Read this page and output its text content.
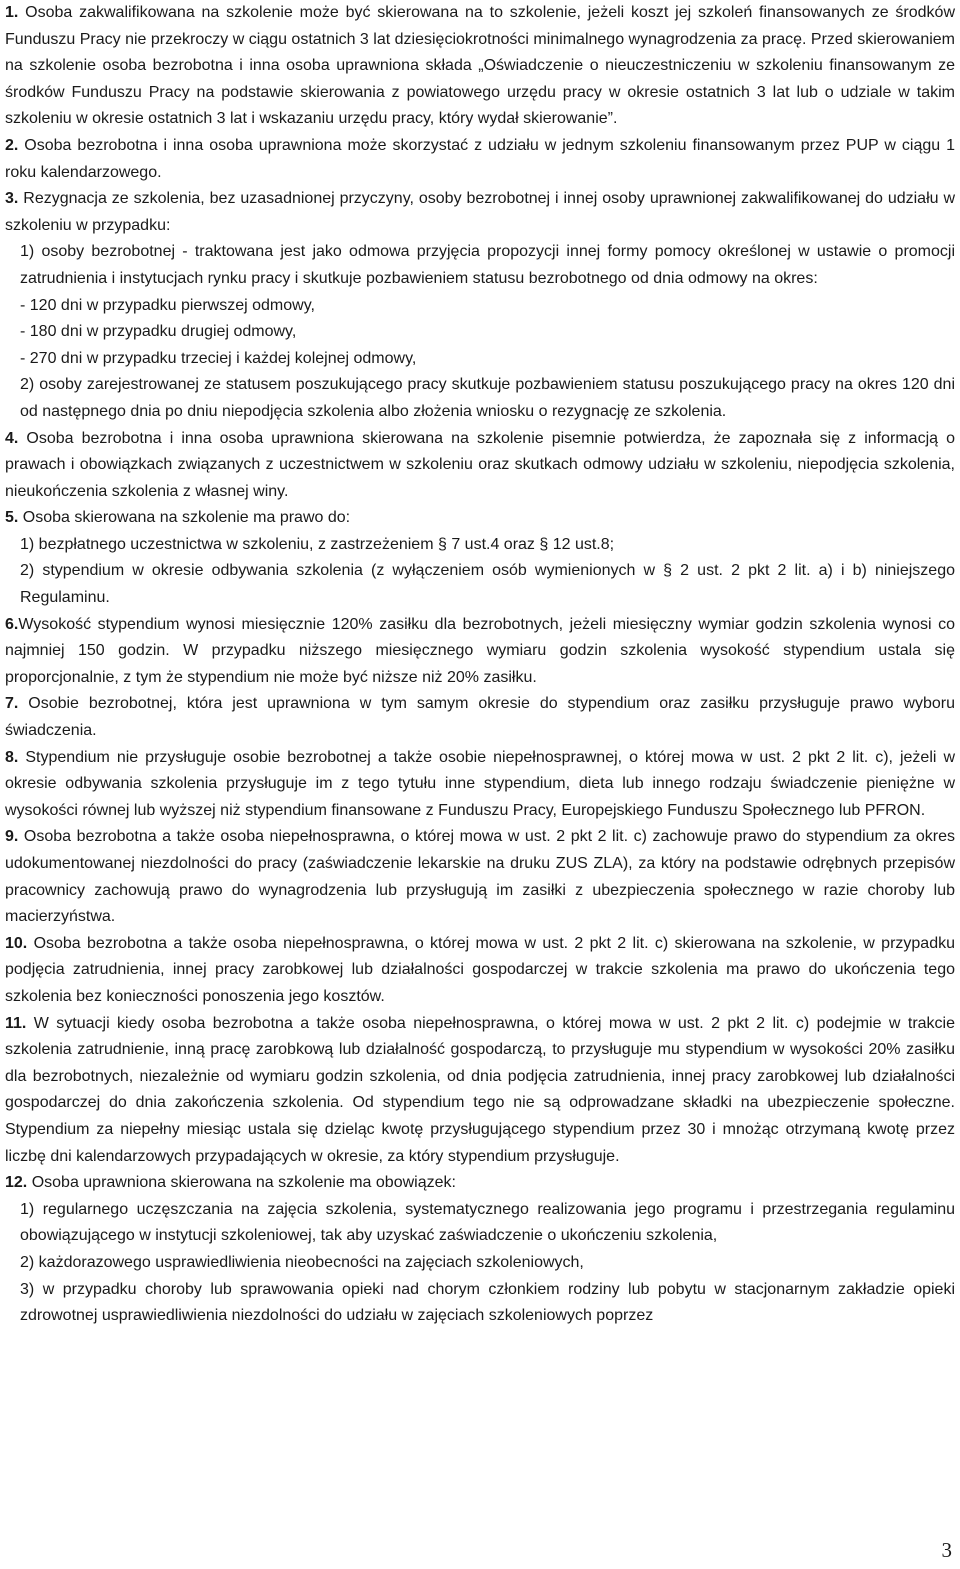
1. Osoba zakwalifikowana na szkolenie może być skierowana na to szkolenie, jeżeli koszt jej szkoleń finansowanych ze środków Funduszu Pracy nie przekroczy w ciągu ostatnich 3 lat dziesięciokrotności minimalnego wynagrodzenia za pracę. Przed skierowaniem na szkolenie osoba bezrobotna i inna osoba uprawniona składa „Oświadczenie o nieuczestniczeniu w szkoleniu finansowanym ze środków Funduszu Pracy na podstawie skierowania z powiatowego urzędu pracy w okresie ostatnich 3 lat lub o udziale w takim szkoleniu w okresie ostatnich 3 lat i wskazaniu urzędu pracy, który wydał skierowanie”.

2. Osoba bezrobotna i inna osoba uprawniona może skorzystać z udziału w jednym szkoleniu finansowanym przez PUP w ciągu 1 roku kalendarzowego.

3. Rezygnacja ze szkolenia, bez uzasadnionej przyczyny, osoby bezrobotnej i innej osoby uprawnionej zakwalifikowanej do udziału w szkoleniu w przypadku:

1) osoby bezrobotnej - traktowana jest jako odmowa przyjęcia propozycji innej formy pomocy określonej w ustawie o promocji zatrudnienia i instytucjach rynku pracy i skutkuje pozbawieniem statusu bezrobotnego od dnia odmowy na okres:

- 120 dni w przypadku pierwszej odmowy,

- 180 dni w przypadku drugiej odmowy,

- 270 dni w przypadku trzeciej i każdej kolejnej odmowy,

2) osoby zarejestrowanej ze statusem poszukującego pracy skutkuje pozbawieniem statusu poszukującego pracy na okres 120 dni od następnego dnia po dniu niepodjęcia szkolenia albo złożenia wniosku o rezygnację ze szkolenia.

4. Osoba bezrobotna i inna osoba uprawniona skierowana na szkolenie pisemnie potwierdza, że zapoznała się z informacją o prawach i obowiązkach związanych z uczestnictwem w szkoleniu oraz skutkach odmowy udziału w szkoleniu, niepodjęcia szkolenia, nieukończenia szkolenia z własnej winy.

5. Osoba skierowana na szkolenie ma prawo do:

1) bezpłatnego uczestnictwa w szkoleniu, z zastrzeżeniem § 7 ust.4 oraz § 12 ust.8;

2) stypendium w okresie odbywania szkolenia (z wyłączeniem osób wymienionych w § 2 ust. 2 pkt 2 lit. a) i b) niniejszego Regulaminu.

6.Wysokość stypendium wynosi miesięcznie 120% zasiłku dla bezrobotnych, jeżeli miesięczny wymiar godzin szkolenia wynosi co najmniej 150 godzin. W przypadku niższego miesięcznego wymiaru godzin szkolenia wysokość stypendium ustala się proporcjonalnie, z tym że stypendium nie może być niższe niż 20% zasiłku.

7. Osobie bezrobotnej, która jest uprawniona w tym samym okresie do stypendium oraz zasiłku przysługuje prawo wyboru świadczenia.

8. Stypendium nie przysługuje osobie bezrobotnej a także osobie niepełnosprawnej, o której mowa w ust. 2 pkt 2 lit. c), jeżeli w okresie odbywania szkolenia przysługuje im z tego tytułu inne stypendium, dieta lub innego rodzaju świadczenie pieniężne w wysokości równej lub wyższej niż stypendium finansowane z Funduszu Pracy, Europejskiego Funduszu Społecznego lub PFRON.

9. Osoba bezrobotna a także osoba niepełnosprawna, o której mowa w ust. 2 pkt 2 lit. c) zachowuje prawo do stypendium za okres udokumentowanej niezdolności do pracy (zaświadczenie lekarskie na druku ZUS ZLA), za który na podstawie odrębnych przepisów pracownicy zachowują prawo do wynagrodzenia lub przysługują im zasiłki z ubezpieczenia społecznego w razie choroby lub macierzyństwa.

10. Osoba bezrobotna a także osoba niepełnosprawna, o której mowa w ust. 2 pkt 2 lit. c) skierowana na szkolenie, w przypadku podjęcia zatrudnienia, innej pracy zarobkowej lub działalności gospodarczej w trakcie szkolenia ma prawo do ukończenia tego szkolenia bez konieczności ponoszenia jego kosztów.

11. W sytuacji kiedy osoba bezrobotna a także osoba niepełnosprawna, o której mowa w ust. 2 pkt 2 lit. c) podejmie w trakcie szkolenia zatrudnienie, inną pracę zarobkową lub działalność gospodarczą, to przysługuje mu stypendium w wysokości 20% zasiłku dla bezrobotnych, niezależnie od wymiaru godzin szkolenia, od dnia podjęcia zatrudnienia, innej pracy zarobkowej lub działalności gospodarczej do dnia zakończenia szkolenia. Od stypendium tego nie są odprowadzane składki na ubezpieczenie społeczne. Stypendium za niepełny miesiąc ustala się dzieląc kwotę przysługującego stypendium przez 30 i mnożąc otrzymaną kwotę przez liczbę dni kalendarzowych przypadających w okresie, za który stypendium przysługuje.

12. Osoba uprawniona skierowana na szkolenie ma obowiązek:

1) regularnego uczęszczania na zajęcia szkolenia, systematycznego realizowania jego programu i przestrzegania regulaminu obowiązującego w instytucji szkoleniowej, tak aby uzyskać zaświadczenie o ukończeniu szkolenia,

2) każdorazowego usprawiedliwienia nieobecności na zajęciach szkoleniowych,

3) w przypadku choroby lub sprawowania opieki nad chorym członkiem rodziny lub pobytu w stacjonarnym zakładzie opieki zdrowotnej usprawiedliwienia niezdolności do udziału w zajęciach szkoleniowych poprzez

3
